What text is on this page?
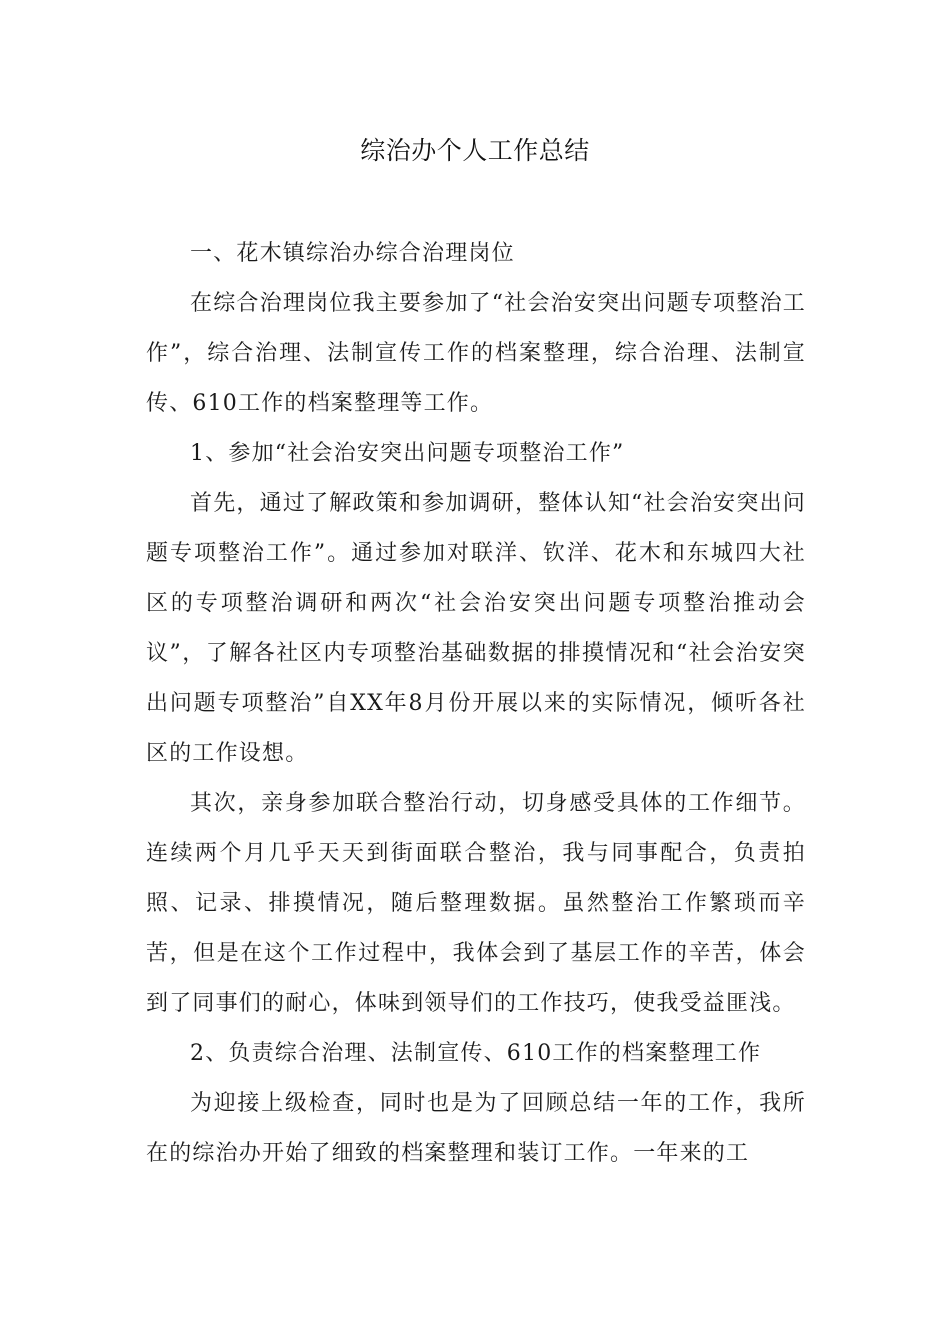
综治办个人工作总结

一、花木镇综治办综合治理岗位

在综合治理岗位我主要参加了“社会治安突出问题专项整治工作”，综合治理、法制宣传工作的档案整理，综合治理、法制宣传、610工作的档案整理等工作。

1、参加“社会治安突出问题专项整治工作”

首先，通过了解政策和参加调研，整体认知“社会治安突出问题专项整治工作”。通过参加对联洋、钦洋、花木和东城四大社区的专项整治调研和两次“社会治安突出问题专项整治推动会议”，了解各社区内专项整治基础数据的排摸情况和“社会治安突出问题专项整治”自XX年8月份开展以来的实际情况，倾听各社区的工作设想。

其次，亲身参加联合整治行动，切身感受具体的工作细节。连续两个月几乎天天到街面联合整治，我与同事配合，负责拍照、记录、排摸情况，随后整理数据。虽然整治工作繁琐而辛苦，但是在这个工作过程中，我体会到了基层工作的辛苦，体会到了同事们的耐心，体味到领导们的工作技巧，使我受益匪浅。

2、负责综合治理、法制宣传、610工作的档案整理工作

为迎接上级检查，同时也是为了回顾总结一年的工作，我所在的综治办开始了细致的档案整理和装订工作。一年来的工
